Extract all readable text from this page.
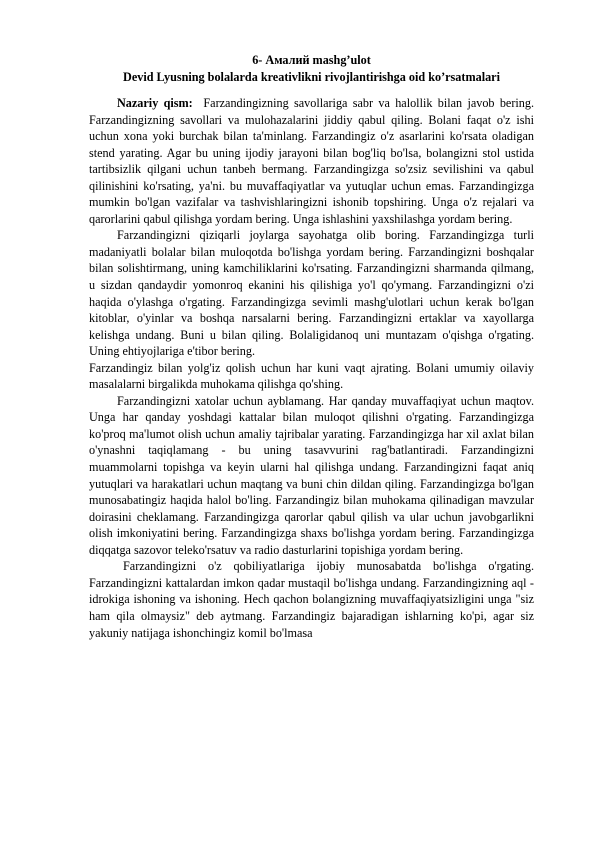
6- Амалий mashg’ulot

Devid Lyusning bolalarda kreativlikni rivojlantirishga oid ko’rsatmalari

Nazariy qism: Farzandingizning savollariga sabr va halollik bilan javob bering. Farzandingizning savollari va mulohazalarini jiddiy qabul qiling. Bolani faqat o'z ishi uchun xona yoki burchak bilan ta'minlang. Farzandingiz o'z asarlarini ko'rsata oladigan stend yarating. Agar bu uning ijodiy jarayoni bilan bog'liq bo'lsa, bolangizni stol ustida tartibsizlik qilgani uchun tanbeh bermang. Farzandingizga so'zsiz sevilishini va qabul qilinishini ko'rsating, ya'ni. bu muvaffaqiyatlar va yutuqlar uchun emas. Farzandingizga mumkin bo'lgan vazifalar va tashvishlaringizni ishonib topshiring. Unga o'z rejalari va qarorlarini qabul qilishga yordam bering. Unga ishlashini yaxshilashga yordam bering.

Farzandingizni qiziqarli joylarga sayohatga olib boring. Farzandingizga turli madaniyatli bolalar bilan muloqotda bo'lishga yordam bering. Farzandingizni boshqalar bilan solishtirmang, uning kamchiliklarini ko'rsating. Farzandingizni sharmanda qilmang, u sizdan qandaydir yomonroq ekanini his qilishiga yo'l qo'ymang. Farzandingizni o'zi haqida o'ylashga o'rgating. Farzandingizga sevimli mashg'ulotlari uchun kerak bo'lgan kitoblar, o'yinlar va boshqa narsalarni bering. Farzandingizni ertaklar va xayollarga kelishga undang. Buni u bilan qiling. Bolaligidanoq uni muntazam o'qishga o'rgating. Uning ehtiyojlariga e'tibor bering.

Farzandingiz bilan yolg'iz qolish uchun har kuni vaqt ajrating. Bolani umumiy oilaviy masalalarni birgalikda muhokama qilishga qo'shing.

Farzandingizni xatolar uchun ayblamang. Har qanday muvaffaqiyat uchun maqtov. Unga har qanday yoshdagi kattalar bilan muloqot qilishni o'rgating. Farzandingizga ko'proq ma'lumot olish uchun amaliy tajribalar yarating. Farzandingizga har xil axlat bilan o'ynashni taqiqlamang - bu uning tasavvurini rag'batlantiradi. Farzandingizni muammolarni topishga va keyin ularni hal qilishga undang. Farzandingizni faqat aniq yutuqlari va harakatlari uchun maqtang va buni chin dildan qiling. Farzandingizga bo'lgan munosabatingiz haqida halol bo'ling. Farzandingiz bilan muhokama qilinadigan mavzular doirasini cheklamang. Farzandingizga qarorlar qabul qilish va ular uchun javobgarlikni olish imkoniyatini bering. Farzandingizga shaxs bo'lishga yordam bering. Farzandingizga diqqatga sazovor teleko'rsatuv va radio dasturlarini topishiga yordam bering.

Farzandingizni o'z qobiliyatlariga ijobiy munosabatda bo'lishga o'rgating. Farzandingizni kattalardan imkon qadar mustaqil bo'lishga undang. Farzandingizning aql -idrokiga ishoning va ishoning. Hech qachon bolangizning muvaffaqiyatsizligini unga "siz ham qila olmaysiz" deb aytmang. Farzandingiz bajaradigan ishlarning ko'pi, agar siz yakuniy natijaga ishonchingiz komil bo'lmasa
